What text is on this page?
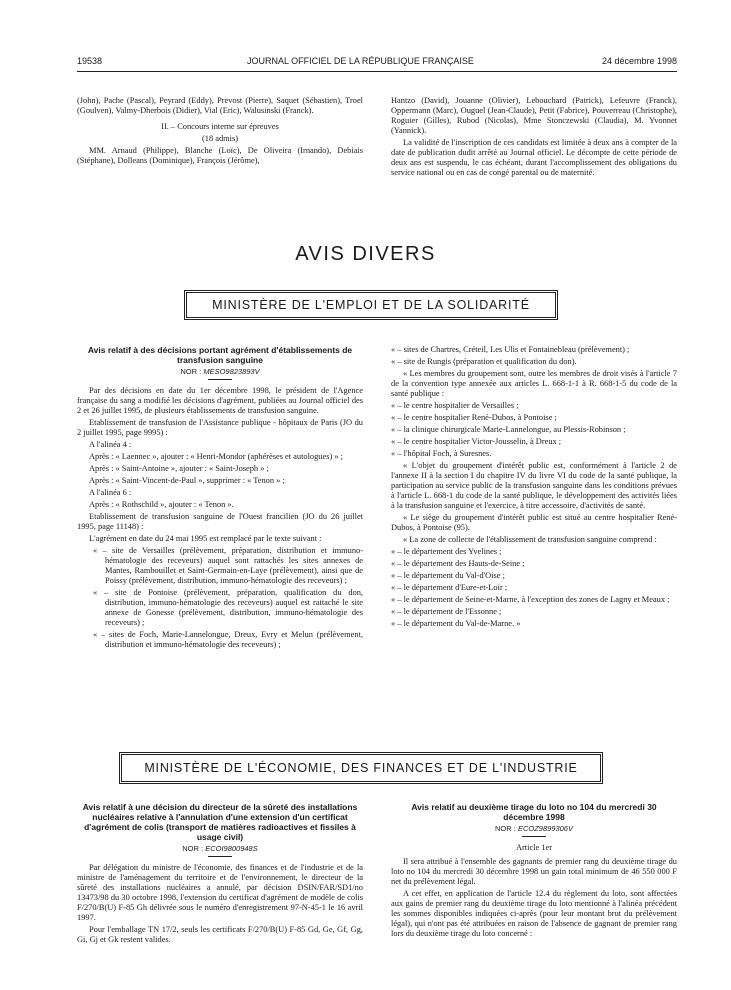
19538	JOURNAL OFFICIEL DE LA RÉPUBLIQUE FRANÇAISE	24 décembre 1998

(John), Pache (Pascal), Peyrard (Eddy), Prevost (Pierre), Saquet (Sébastien), Troel (Goulven), Valmy-Dherbois (Didier), Vial (Eric), Walusinski (Franck).

II. – Concours interne sur épreuves

(18 admis)

MM. Arnaud (Philippe), Blanche (Loïc), De Oliveira (Irnando), Debiais (Stéphane), Dolleans (Dominique), François (Jérôme),

Hantzo (David), Jouanne (Olivier), Lebouchard (Patrick), Lefeuvre (Franck), Oppermann (Marc), Ouguel (Jean-Claude), Petit (Fabrice), Pouverreau (Christophe), Roguier (Gilles), Rubod (Nicolas), Mme Stonczewski (Claudia), M. Yvonnet (Yannick).

La validité de l'inscription de ces candidats est limitée à deux ans à compter de la date de publication dudit arrêté au Journal officiel. Le décompte de cette période de deux ans est suspendu, le cas échéant, durant l'accomplissement des obligations du service national ou en cas de congé parental ou de maternité.

AVIS DIVERS
MINISTÈRE DE L'EMPLOI ET DE LA SOLIDARITÉ

Avis relatif à des décisions portant agrément d'établissements de transfusion sanguine

NOR : MESO9823893V

Par des décisions en date du 1er décembre 1998, le président de l'Agence française du sang a modifié les décisions d'agrément, publiées au Journal officiel des 2 et 26 juillet 1995, de plusieurs établissements de transfusion sanguine.

Etablissement de transfusion de l'Assistance publique - hôpitaux de Paris (JO du 2 juillet 1995, page 9995) :

A l'alinéa 4 :

Après : « Laennec », ajouter : « Henri-Mondor (aphérèses et autologues) » ;

Après : « Saint-Antoine », ajouter : « Saint-Joseph » ;

Après : « Saint-Vincent-de-Paul », supprimer : « Tenon » ;

A l'alinéa 6 :

Après : « Rothschild », ajouter : « Tenon ».

Etablissement de transfusion sanguine de l'Ouest francilien (JO du 26 juillet 1995, page 11148) :

L'agrément en date du 24 mai 1995 est remplacé par le texte suivant :

« – site de Versailles (prélèvement, préparation, distribution et immuno-hématologie des receveurs) auquel sont rattachés les sites annexes de Mantes, Rambouillet et Saint-Germain-en-Laye (prélèvement), ainsi que de Poissy (prélèvement, distribution, immuno-hématologie des receveurs) ;

« – site de Pontoise (prélèvement, préparation, qualification du don, distribution, immuno-hématologie des receveurs) auquel est rattaché le site annexe de Gonesse (prélèvement, distribution, immuno-hématologie des receveurs) ;

« – sites de Foch, Marie-Lannelongue, Dreux, Evry et Melun (prélèvement, distribution et immuno-hématologie des receveurs) ;

« – sites de Chartres, Créteil, Les Ulis et Fontainebleau (prélèvement) ;

« – site de Rungis (préparation et qualification du don).

« Les membres du groupement sont, outre les membres de droit visés à l'article 7 de la convention type annexée aux articles L. 668-1-1 à R. 668-1-5 du code de la santé publique :

« – le centre hospitalier de Versailles ;

« – le centre hospitalier René-Dubos, à Pontoise ;

« – la clinique chirurgicale Marie-Lannelongue, au Plessis-Robinson ;

« – le centre hospitalier Victor-Jousselin, à Dreux ;

« – l'hôpital Foch, à Suresnes.

« L'objet du groupement d'intérêt public est, conformément à l'article 2 de l'annexe II à la section I du chapitre IV du livre VI du code de la santé publique, la participation au service public de la transfusion sanguine dans les conditions prévues à l'article L. 668-1 du code de la santé publique, le développement des activités liées à la transfusion sanguine et l'exercice, à titre accessoire, d'activités de santé.

« Le siège du groupement d'intérêt public est situé au centre hospitalier René-Dubos, à Pontoise (95).

« La zone de collecte de l'établissement de transfusion sanguine comprend :

« – le département des Yvelines ;

« – le département des Hauts-de-Seine ;

« – le département du Val-d'Oise ;

« – le département d'Eure-et-Loir ;

« – le département de Seine-et-Marne, à l'exception des zones de Lagny et Meaux ;

« – le département de l'Essonne ;

« – le département du Val-de-Marne. »

MINISTÈRE DE L'ÉCONOMIE, DES FINANCES ET DE L'INDUSTRIE

Avis relatif à une décision du directeur de la sûreté des installations nucléaires relative à l'annulation d'une extension d'un certificat d'agrément de colis (transport de matières radioactives et fissiles à usage civil)

NOR : ECOI9800948S

Par délégation du ministre de l'économie, des finances et de l'industrie et de la ministre de l'aménagement du territoire et de l'environnement, le directeur de la sûreté des installations nucléaires a annulé, par décision DSIN/FAR/SD1/no 13473/98 du 30 octobre 1998, l'extension du certificat d'agrément de modèle de colis F/270/B(U) F-85 Gh délivrée sous le numéro d'enregistrement 97-N-45-1 le 16 avril 1997.

Pour l'emballage TN 17/2, seuls les certificats F/270/B(U) F-85 Gd, Ge, Gf, Gg, Gi, Gj et Gk restent valides.

Avis relatif au deuxième tirage du loto no 104 du mercredi 30 décembre 1998

NOR : ECOZ9899306V

Article 1er

Il sera attribué à l'ensemble des gagnants de premier rang du deuxième tirage du loto no 104 du mercredi 30 décembre 1998 un gain total minimum de 46 550 000 F net du prélèvement légal.

A cet effet, en application de l'article 12.4 du règlement du loto, sont affectées aux gains de premier rang du deuxième tirage du loto mentionné à l'alinéa précédent les sommes disponibles indiquées ci-après (pour leur montant brut du prélèvement légal), qui n'ont pas été attribuées en raison de l'absence de gagnant de premier rang lors du deuxième tirage du loto concerné :
